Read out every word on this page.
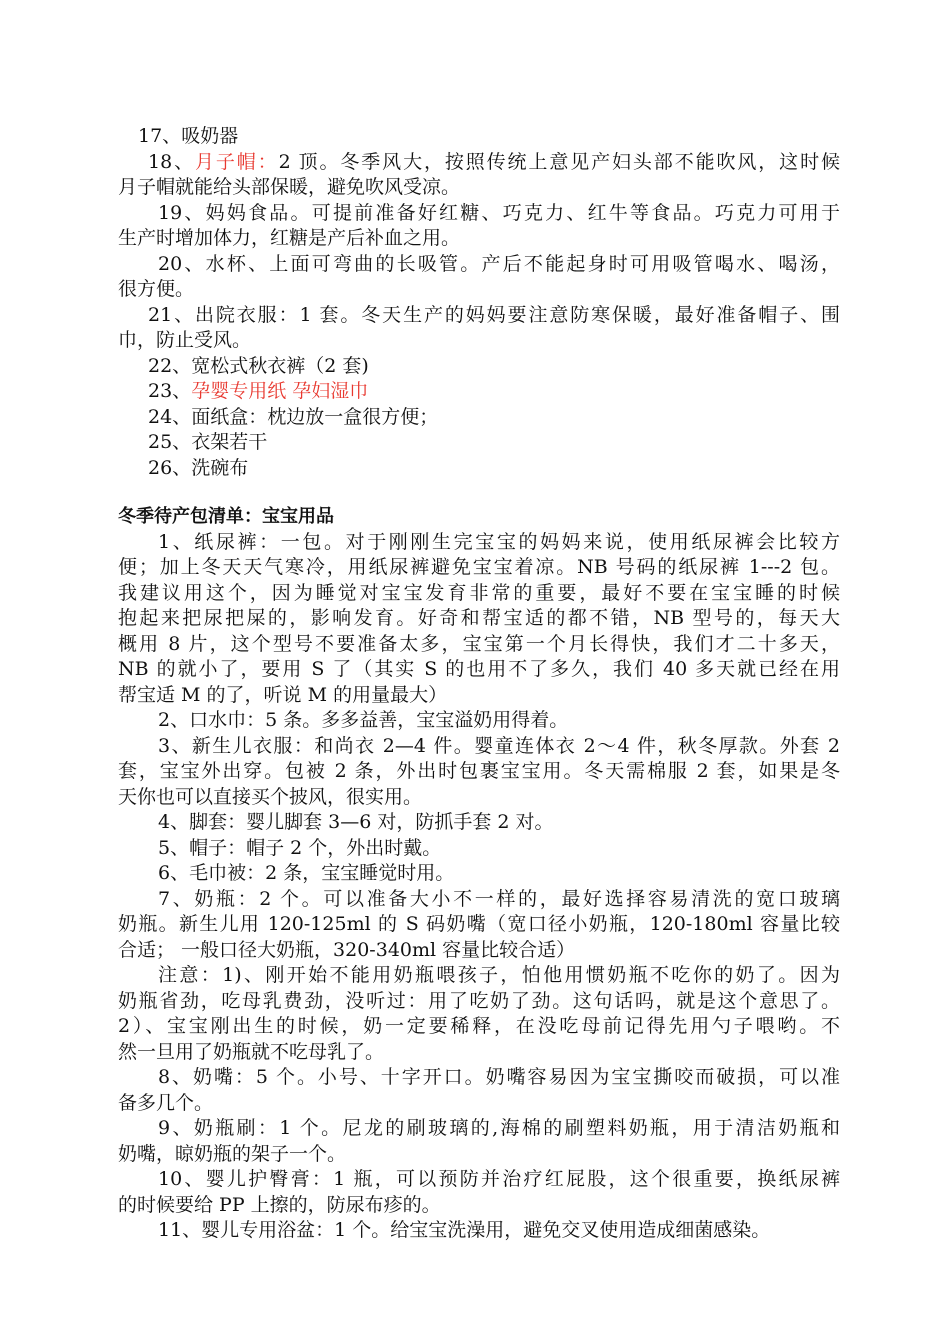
17、吸奶器
18、月子帽：2 顶。冬季风大，按照传统上意见产妇头部不能吹风，这时候
月子帽就能给头部保暖，避免吹风受凉。
19、妈妈食品。可提前准备好红糖、巧克力、红牛等食品。巧克力可用于
生产时增加体力，红糖是产后补血之用。
20、水杯、上面可弯曲的长吸管。产后不能起身时可用吸管喝水、喝汤，
很方便。
21、出院衣服：1 套。冬天生产的妈妈要注意防寒保暖，最好准备帽子、围
巾，防止受风。
22、宽松式秋衣裤（2 套)
23、孕婴专用纸 孕妇湿巾
24、面纸盒：枕边放一盒很方便；
25、衣架若干
26、洗碗布
冬季待产包清单：宝宝用品
1、纸尿裤：一包。对于刚刚生完宝宝的妈妈来说，使用纸尿裤会比较方
便；加上冬天天气寒冷，用纸尿裤避免宝宝着凉。NB 号码的纸尿裤 1---2 包。
我建议用这个，因为睡觉对宝宝发育非常的重要，最好不要在宝宝睡的时候
抱起来把尿把屎的，影响发育。好奇和帮宝适的都不错，NB 型号的，每天大
概用 8 片，这个型号不要准备太多，宝宝第一个月长得快，我们才二十多天，
NB 的就小了，要用 S 了（其实 S 的也用不了多久，我们 40 多天就已经在用
帮宝适 M 的了，听说 M 的用量最大）
2、口水巾：5 条。多多益善，宝宝溢奶用得着。
3、新生儿衣服：和尚衣 2—4 件。婴童连体衣 2～4 件，秋冬厚款。外套 2
套，宝宝外出穿。包被 2 条，外出时包裹宝宝用。冬天需棉服 2 套，如果是冬
天你也可以直接买个披风，很实用。
4、脚套：婴儿脚套 3—6 对，防抓手套 2 对。
5、帽子：帽子 2 个，外出时戴。
6、毛巾被：2 条，宝宝睡觉时用。
7、奶瓶：2 个。可以准备大小不一样的，最好选择容易清洗的宽口玻璃
奶瓶。新生儿用 120-125ml 的 S 码奶嘴（宽口径小奶瓶，120-180ml 容量比较
合适； 一般口径大奶瓶，320-340ml 容量比较合适）
注意：1)、刚开始不能用奶瓶喂孩子，怕他用惯奶瓶不吃你的奶了。因为
奶瓶省劲，吃母乳费劲，没听过：用了吃奶了劲。这句话吗，就是这个意思了。
2）、宝宝刚出生的时候，奶一定要稀释，在没吃母前记得先用勺子喂哟。不
然一旦用了奶瓶就不吃母乳了。
8、奶嘴：5 个。小号、十字开口。奶嘴容易因为宝宝撕咬而破损，可以准
备多几个。
9、奶瓶刷：1 个。尼龙的刷玻璃的,海棉的刷塑料奶瓶，用于清洁奶瓶和
奶嘴，晾奶瓶的架子一个。
10、婴儿护臀膏：1 瓶，可以预防并治疗红屁股，这个很重要，换纸尿裤
的时候要给 PP 上擦的，防尿布疹的。
11、婴儿专用浴盆：1 个。给宝宝洗澡用，避免交叉使用造成细菌感染。
